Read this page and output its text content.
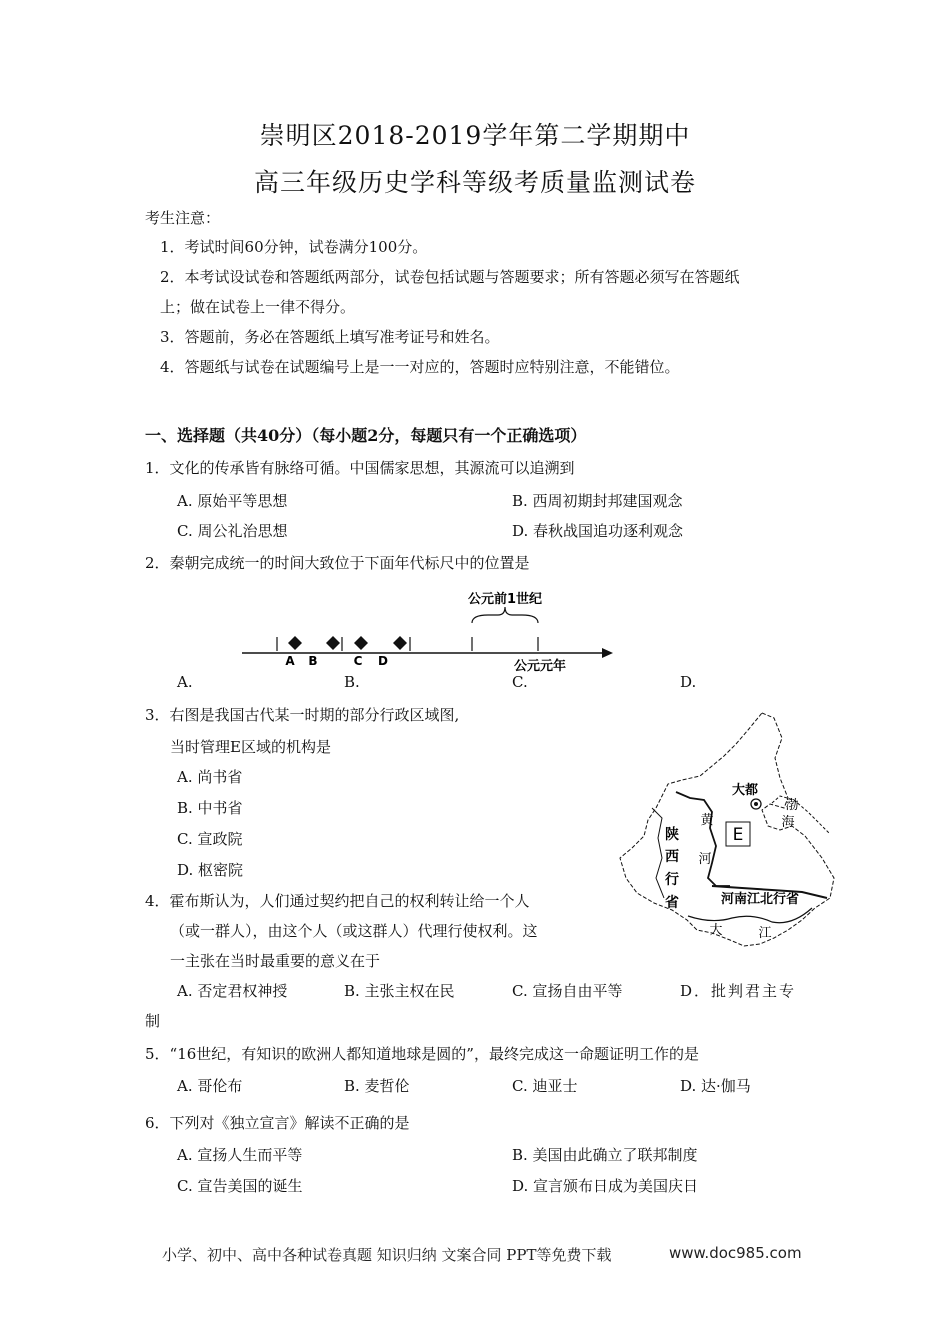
崇明区2018-2019学年第二学期期中
高三年级历史学科等级考质量监测试卷
考生注意：
1．考试时间60分钟，试卷满分100分。
2．本考试设试卷和答题纸两部分，试卷包括试题与答题要求；所有答题必须写在答题纸
上；做在试卷上一律不得分。
3．答题前，务必在答题纸上填写准考证号和姓名。
4．答题纸与试卷在试题编号上是一一对应的，答题时应特别注意，不能错位。
一、选择题（共40分）（每小题2分，每题只有一个正确选项）
1．文化的传承皆有脉络可循。中国儒家思想，其源流可以追溯到
A. 原始平等思想	B. 西周初期封邦建国观念
C. 周公礼治思想	D. 春秋战国追功逐利观念
2．秦朝完成统一的时间大致位于下面年代标尺中的位置是
公元前1世纪
A B	C D	公元元年
A.	B.	C.	D.
3．右图是我国古代某一时期的部分行政区域图,
当时管理E区域的机构是
A. 尚书省
B. 中书省
C. 宣政院
D. 枢密院
大都
E
渤
海
黄
河
陕
西
行
省	河南江北行省
大	江
4．霍布斯认为，人们通过契约把自己的权利转让给一个人
（或一群人），由这个人（或这群人）代理行使权利。这
一主张在当时最重要的意义在于
A. 否定君权神授	B. 主张主权在民	C. 宣扬自由平等	D．批判君主专
制
5．“16世纪，有知识的欧洲人都知道地球是圆的”，最终完成这一命题证明工作的是
A. 哥伦布	B. 麦哲伦	C. 迪亚士	D. 达·伽马
6．下列对《独立宣言》解读不正确的是
A. 宣扬人生而平等	B. 美国由此确立了联邦制度
C. 宣告美国的诞生	D. 宣言颁布日成为美国庆日
小学、初中、高中各种试卷真题 知识归纳 文案合同 PPT等免费下载	www.doc985.com
